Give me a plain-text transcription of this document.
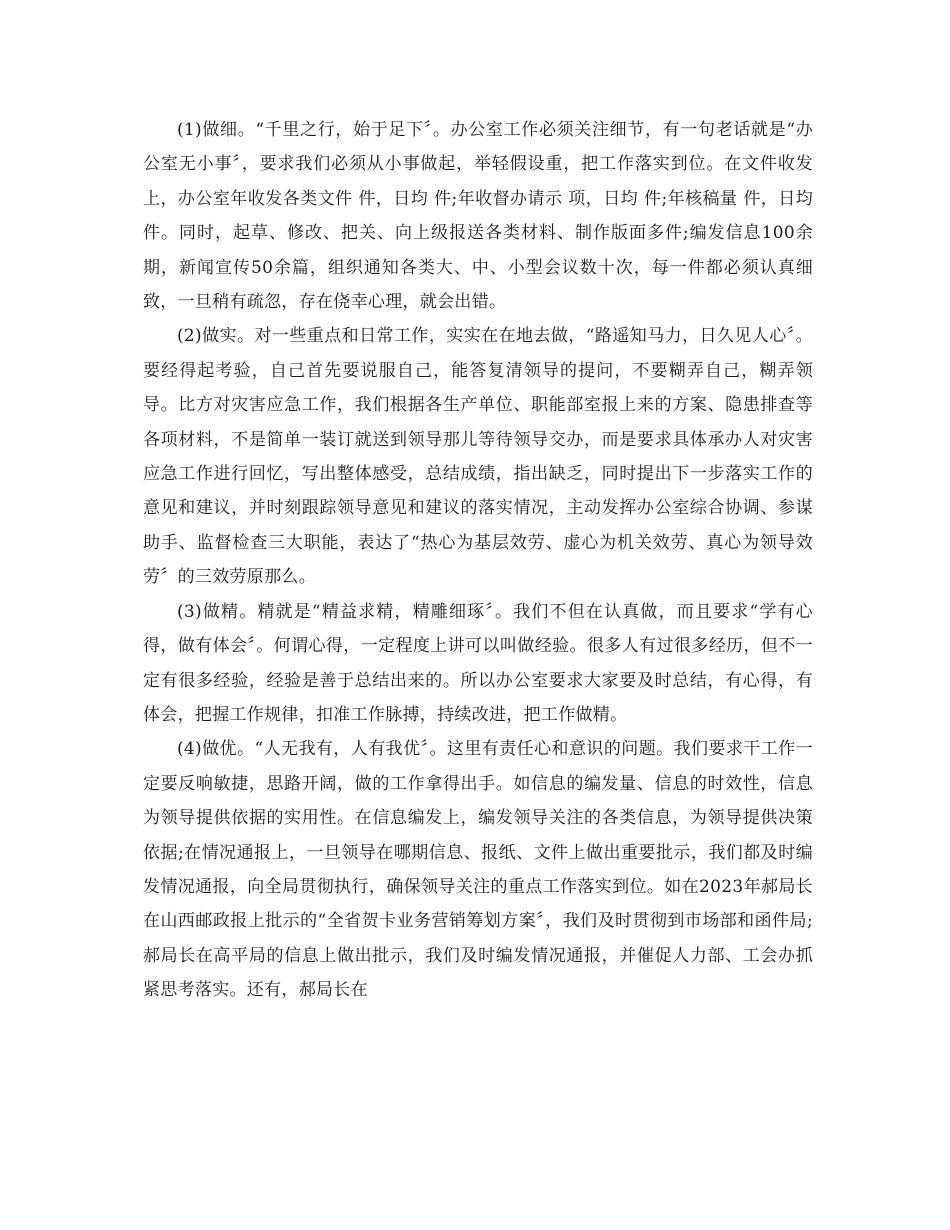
(1)做细。“千里之行，始于足下〞。办公室工作必须关注细节，有一句老话就是“办公室无小事〞，要求我们必须从小事做起，举轻假设重，把工作落实到位。在文件收发上，办公室年收发各类文件 件，日均 件;年收督办请示 项，日均 件;年核稿量 件，日均 件。同时，起草、修改、把关、向上级报送各类材料、制作版面多件;编发信息100余期，新闻宣传50余篇，组织通知各类大、中、小型会议数十次，每一件都必须认真细致，一旦稍有疏忽，存在侥幸心理，就会出错。

(2)做实。对一些重点和日常工作，实实在在地去做，“路遥知马力，日久见人心〞。要经得起考验，自己首先要说服自己，能答复清领导的提问，不要糊弄自己，糊弄领导。比方对灾害应急工作，我们根据各生产单位、职能部室报上来的方案、隐患排查等各项材料，不是简单一装订就送到领导那儿等待领导交办，而是要求具体承办人对灾害应急工作进行回忆，写出整体感受，总结成绩，指出缺乏，同时提出下一步落实工作的意见和建议，并时刻跟踪领导意见和建议的落实情况，主动发挥办公室综合协调、参谋助手、监督检查三大职能，表达了“热心为基层效劳、虚心为机关效劳、真心为领导效劳〞的三效劳原那么。

(3)做精。精就是“精益求精，精雕细琢〞。我们不但在认真做，而且要求“学有心得，做有体会〞。何谓心得，一定程度上讲可以叫做经验。很多人有过很多经历，但不一定有很多经验，经验是善于总结出来的。所以办公室要求大家要及时总结，有心得，有体会，把握工作规律，扣准工作脉搏，持续改进，把工作做精。

(4)做优。“人无我有，人有我优〞。这里有责任心和意识的问题。我们要求干工作一定要反响敏捷，思路开阔，做的工作拿得出手。如信息的编发量、信息的时效性，信息为领导提供依据的实用性。在信息编发上，编发领导关注的各类信息，为领导提供决策依据;在情况通报上，一旦领导在哪期信息、报纸、文件上做出重要批示，我们都及时编发情况通报，向全局贯彻执行，确保领导关注的重点工作落实到位。如在2023年郝局长在山西邮政报上批示的“全省贺卡业务营销筹划方案〞，我们及时贯彻到市场部和函件局;郝局长在高平局的信息上做出批示，我们及时编发情况通报，并催促人力部、工会办抓紧思考落实。还有，郝局长在
